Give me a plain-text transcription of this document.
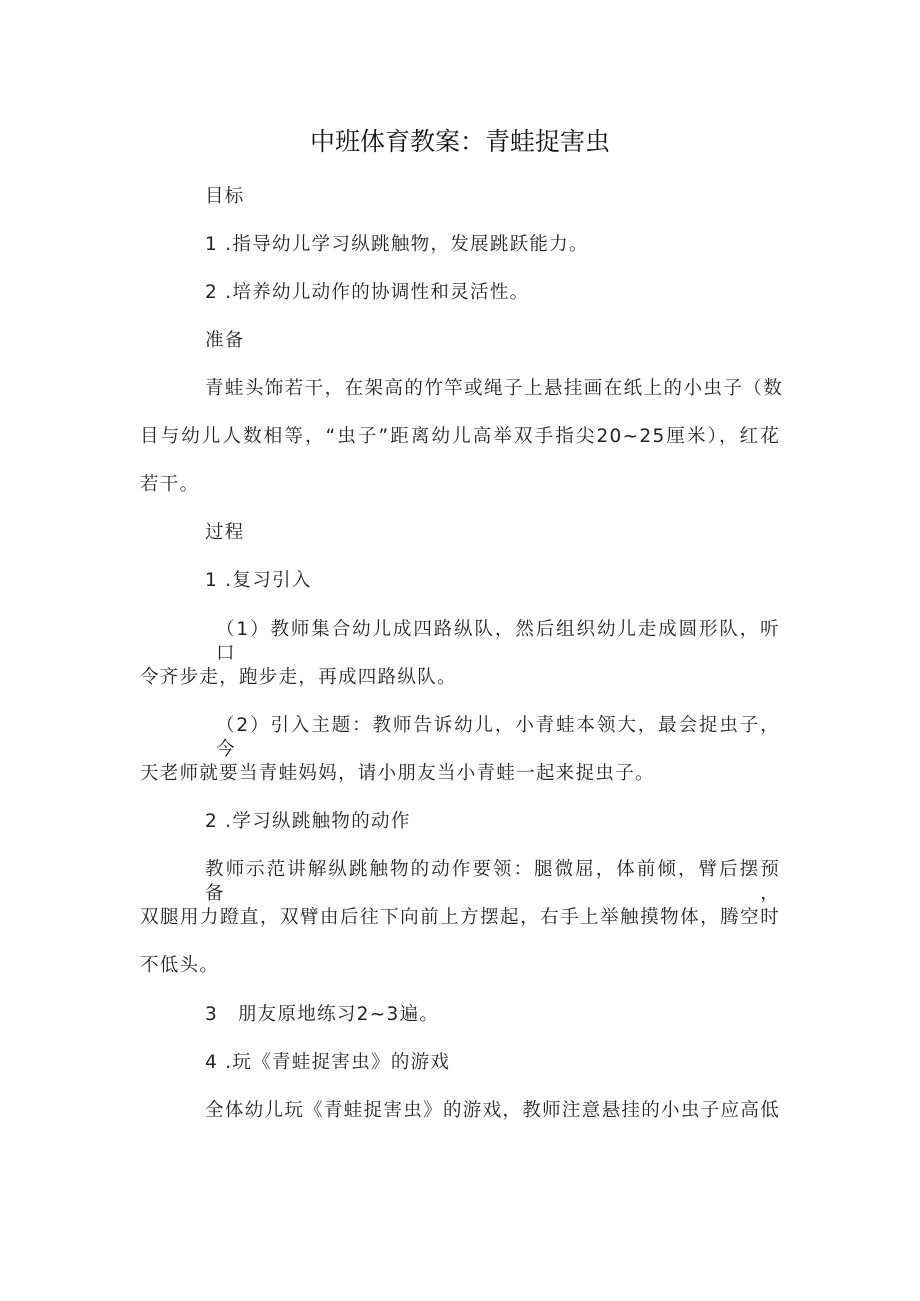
中班体育教案：青蛙捉害虫
目标
1 .指导幼儿学习纵跳触物，发展跳跃能力。
2 .培养幼儿动作的协调性和灵活性。
准备
青蛙头饰若干，在架高的竹竿或绳子上悬挂画在纸上的小虫子（数
目与幼儿人数相等，“虫子”距离幼儿高举双手指尖20~25厘米），红花
若干。
过程
1 .复习引入
（1）教师集合幼儿成四路纵队，然后组织幼儿走成圆形队，听口
令齐步走，跑步走，再成四路纵队。
（2）引入主题：教师告诉幼儿，小青蛙本领大，最会捉虫子，今
天老师就要当青蛙妈妈，请小朋友当小青蛙一起来捉虫子。
2 .学习纵跳触物的动作
教师示范讲解纵跳触物的动作要领：腿微屈，体前倾，臂后摆预备，
双腿用力蹬直，双臂由后往下向前上方摆起，右手上举触摸物体，腾空时
不低头。
3　朋友原地练习2~3遍。
4 .玩《青蛙捉害虫》的游戏
全体幼儿玩《青蛙捉害虫》的游戏，教师注意悬挂的小虫子应高低
